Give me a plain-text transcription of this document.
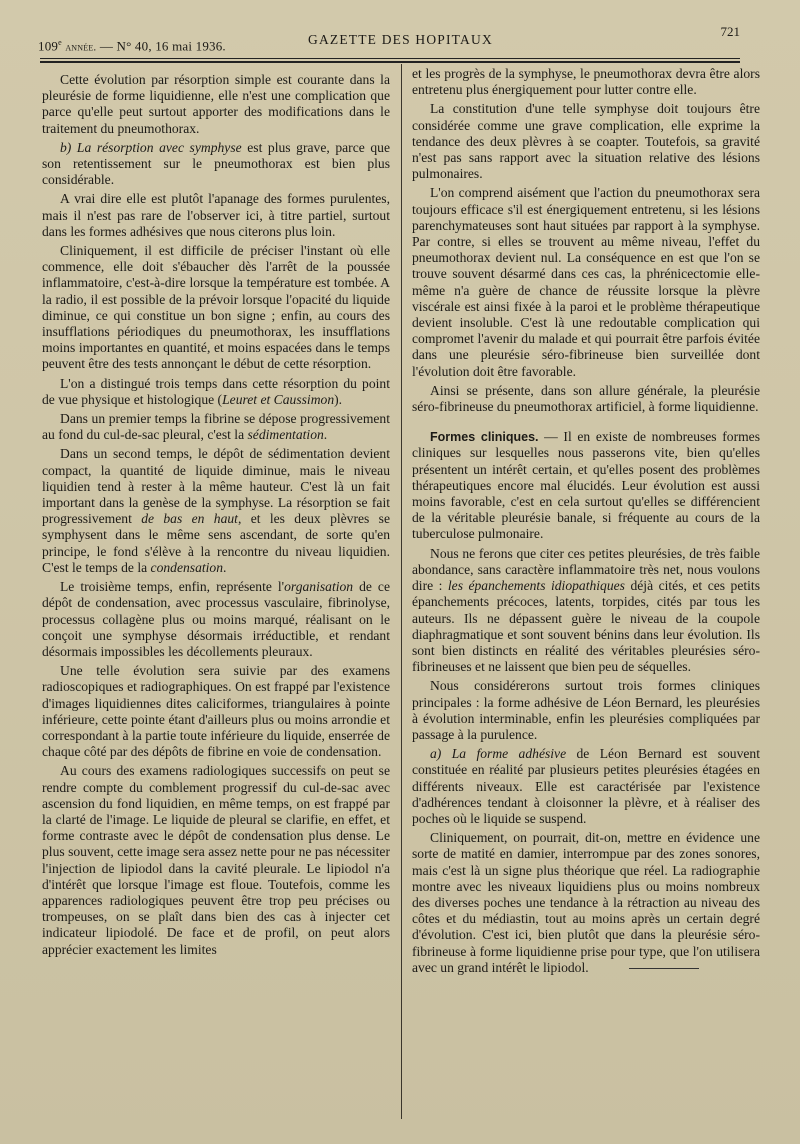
109e année. — N° 40, 16 mai 1936.	GAZETTE DES HOPITAUX
721

Cette évolution par résorption simple est courante dans la pleurésie de forme liquidienne, elle n'est une complication que parce qu'elle peut surtout apporter des modifications dans le traitement du pneumothorax.

b) La résorption avec symphyse est plus grave, parce que son retentissement sur le pneumothorax est bien plus considérable.

A vrai dire elle est plutôt l'apanage des formes purulentes, mais il n'est pas rare de l'observer ici, à titre partiel, surtout dans les formes adhésives que nous citerons plus loin.

Cliniquement, il est difficile de préciser l'instant où elle commence, elle doit s'ébaucher dès l'arrêt de la poussée inflammatoire, c'est-à-dire lorsque la température est tombée. A la radio, il est possible de la prévoir lorsque l'opacité du liquide diminue, ce qui constitue un bon signe ; enfin, au cours des insufflations périodiques du pneumothorax, les insufflations moins importantes en quantité, et moins espacées dans le temps peuvent être des tests annonçant le début de cette résorption.

L'on a distingué trois temps dans cette résorption du point de vue physique et histologique (Leuret et Caussimon).

Dans un premier temps la fibrine se dépose progressivement au fond du cul-de-sac pleural, c'est la sédimentation.

Dans un second temps, le dépôt de sédimentation devient compact, la quantité de liquide diminue, mais le niveau liquidien tend à rester à la même hauteur. C'est là un fait important dans la genèse de la symphyse. La résorption se fait progressivement de bas en haut, et les deux plèvres se symphysent dans le même sens ascendant, de sorte qu'en principe, le fond s'élève à la rencontre du niveau liquidien. C'est le temps de la condensation.

Le troisième temps, enfin, représente l'organisation de ce dépôt de condensation, avec processus vasculaire, fibrinolyse, processus collagène plus ou moins marqué, réalisant on le conçoit une symphyse désormais irréductible, et rendant désormais impossibles les décollements pleuraux.

Une telle évolution sera suivie par des examens radioscopiques et radiographiques. On est frappé par l'existence d'images liquidiennes dites caliciformes, triangulaires à pointe inférieure, cette pointe étant d'ailleurs plus ou moins arrondie et correspondant à la partie toute inférieure du liquide, enserrée de chaque côté par des dépôts de fibrine en voie de condensation.

Au cours des examens radiologiques successifs on peut se rendre compte du comblement progressif du cul-de-sac avec ascension du fond liquidien, en même temps, on est frappé par la clarté de l'image. Le liquide de pleural se clarifie, en effet, et forme contraste avec le dépôt de condensation plus dense. Le plus souvent, cette image sera assez nette pour ne pas nécessiter l'injection de lipiodol dans la cavité pleurale. Le lipiodol n'a d'intérêt que lorsque l'image est floue. Toutefois, comme les apparences radiologiques peuvent être trop peu précises ou trompeuses, on se plaît dans bien des cas à injecter cet indicateur lipiodolé. De face et de profil, on peut alors apprécier exactement les limites

et les progrès de la symphyse, le pneumothorax devra être alors entretenu plus énergiquement pour lutter contre elle.

La constitution d'une telle symphyse doit toujours être considérée comme une grave complication, elle exprime la tendance des deux plèvres à se coapter. Toutefois, sa gravité n'est pas sans rapport avec la situation relative des lésions pulmonaires.

L'on comprend aisément que l'action du pneumothorax sera toujours efficace s'il est énergiquement entretenu, si les lésions parenchymateuses sont haut situées par rapport à la symphyse. Par contre, si elles se trouvent au même niveau, l'effet du pneumothorax devient nul. La conséquence en est que l'on se trouve souvent désarmé dans ces cas, la phrénicectomie elle-même n'a guère de chance de réussite lorsque la plèvre viscérale est ainsi fixée à la paroi et le problème thérapeutique devient insoluble. C'est là une redoutable complication qui compromet l'avenir du malade et qui pourrait être parfois évitée dans une pleurésie séro-fibrineuse bien surveillée dont l'évolution doit être favorable.

Ainsi se présente, dans son allure générale, la pleurésie séro-fibrineuse du pneumothorax artificiel, à forme liquidienne.

Formes cliniques. — Il en existe de nombreuses formes cliniques sur lesquelles nous passerons vite, bien qu'elles présentent un intérêt certain, et qu'elles posent des problèmes thérapeutiques encore mal élucidés. Leur évolution est aussi moins favorable, c'est en cela surtout qu'elles se différencient de la véritable pleurésie banale, si fréquente au cours de la tuberculose pulmonaire.

Nous ne ferons que citer ces petites pleurésies, de très faible abondance, sans caractère inflammatoire très net, nous voulons dire : les épanchements idiopathiques déjà cités, et ces petits épanchements précoces, latents, torpides, cités par tous les auteurs. Ils ne dépassent guère le niveau de la coupole diaphragmatique et sont souvent bénins dans leur évolution. Ils sont bien distincts en réalité des véritables pleurésies séro-fibrineuses et ne laissent que bien peu de séquelles.

Nous considérerons surtout trois formes cliniques principales : la forme adhésive de Léon Bernard, les pleurésies à évolution interminable, enfin les pleurésies compliquées par passage à la purulence.

a) La forme adhésive de Léon Bernard est souvent constituée en réalité par plusieurs petites pleurésies étagées en différents niveaux. Elle est caractérisée par l'existence d'adhérences tendant à cloisonner la plèvre, et à réaliser des poches où le liquide se suspend.

Cliniquement, on pourrait, dit-on, mettre en évidence une sorte de matité en damier, interrompue par des zones sonores, mais c'est là un signe plus théorique que réel. La radiographie montre avec les niveaux liquidiens plus ou moins nombreux des diverses poches une tendance à la rétraction au niveau des côtes et du médiastin, tout au moins après un certain degré d'évolution. C'est ici, bien plutôt que dans la pleurésie séro-fibrineuse à forme liquidienne prise pour type, que l'on utilisera avec un grand intérêt le lipiodol.
